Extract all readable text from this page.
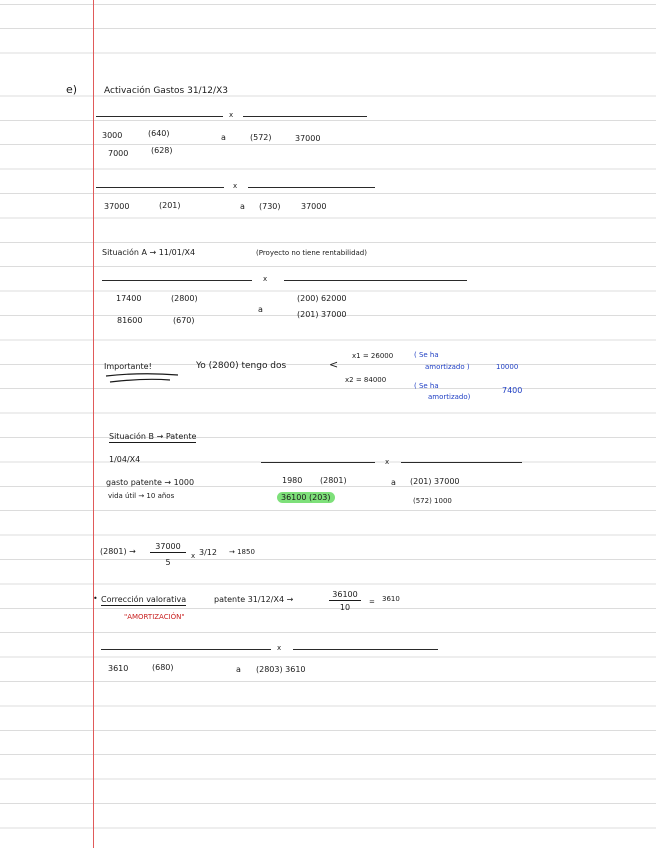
e)	Activación Gastos 31/12/X3
x
3000	(640)
7000	(628)
a	(572)	37000
x
37000	(201)	a (730)	37000
Situación A → 11/01/X4	(Proyecto no tiene rentabilidad)
x
17400	(2800)
81600	(670)
a
(200) 62000
(201) 37000
Importante!	Yo (2800) tengo dos	<
x1 = 26000	( Se ha
amortizado )	10000
x2 = 84000
( Se ha
amortizado)
7400
Situación B → Patente
1/04/X4	x
gasto patente → 1000
vida útil → 10 años
1980 (2801)
36100 (203)
a (201) 37000
(572) 1000
$(2801) \to \frac{37000}{5}$ x 3/12 → 1850
• Corrección valorativa	patente 31/12/X4 →	$\frac{36100}{10} = 3610$
"AMORTIZACIÓN"
x
3610	(680)	a (2803) 3610
